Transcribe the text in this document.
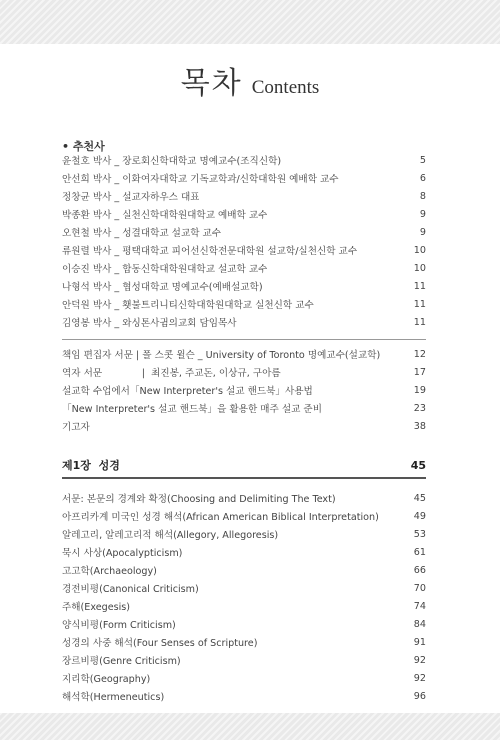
목차 Contents
• 추천사
윤철호 박사 _ 장로회신학대학교 명예교수(조직신학)	5
안선희 박사 _ 이화여자대학교 기독교학과/신학대학원 예배학 교수	6
정창균 박사 _ 설교자하우스 대표	8
박종환 박사 _ 실천신학대학원대학교 예배학 교수	9
오현철 박사 _ 성결대학교 설교학 교수	9
류원렬 박사 _ 평택대학교 피어선신학전문대학원 설교학/실천신학 교수	10
이승진 박사 _ 합동신학대학원대학교 설교학 교수	10
나형석 박사 _ 협성대학교 명예교수(예배설교학)	11
안덕원 박사 _ 횃불트리니티신학대학원대학교 실천신학 교수	11
김영봉 박사 _ 와싱톤사귐의교회 담임목사	11
책임 편집자 서문 | 폴 스콧 윌슨 _ University of Toronto 명예교수(설교학)	12
역자 서문             |  최진봉, 주교돈, 이상규, 구아름	17
설교학 수업에서「New Interpreter's 설교 핸드북」사용법	19
「New Interpreter's 설교 핸드북」을 활용한 매주 설교 준비	23
기고자	38
제1장  성경	45
서문: 본문의 경계와 확정(Choosing and Delimiting The Text)	45
아프리카계 미국인 성경 해석(African American Biblical Interpretation)	49
알레고리, 알레고리적 해석(Allegory, Allegoresis)	53
묵시 사상(Apocalypticism)	61
고고학(Archaeology)	66
경전비평(Canonical Criticism)	70
주해(Exegesis)	74
양식비평(Form Criticism)	84
성경의 사중 해석(Four Senses of Scripture)	91
장르비평(Genre Criticism)	92
지리학(Geography)	92
해석학(Hermeneutics)	96
